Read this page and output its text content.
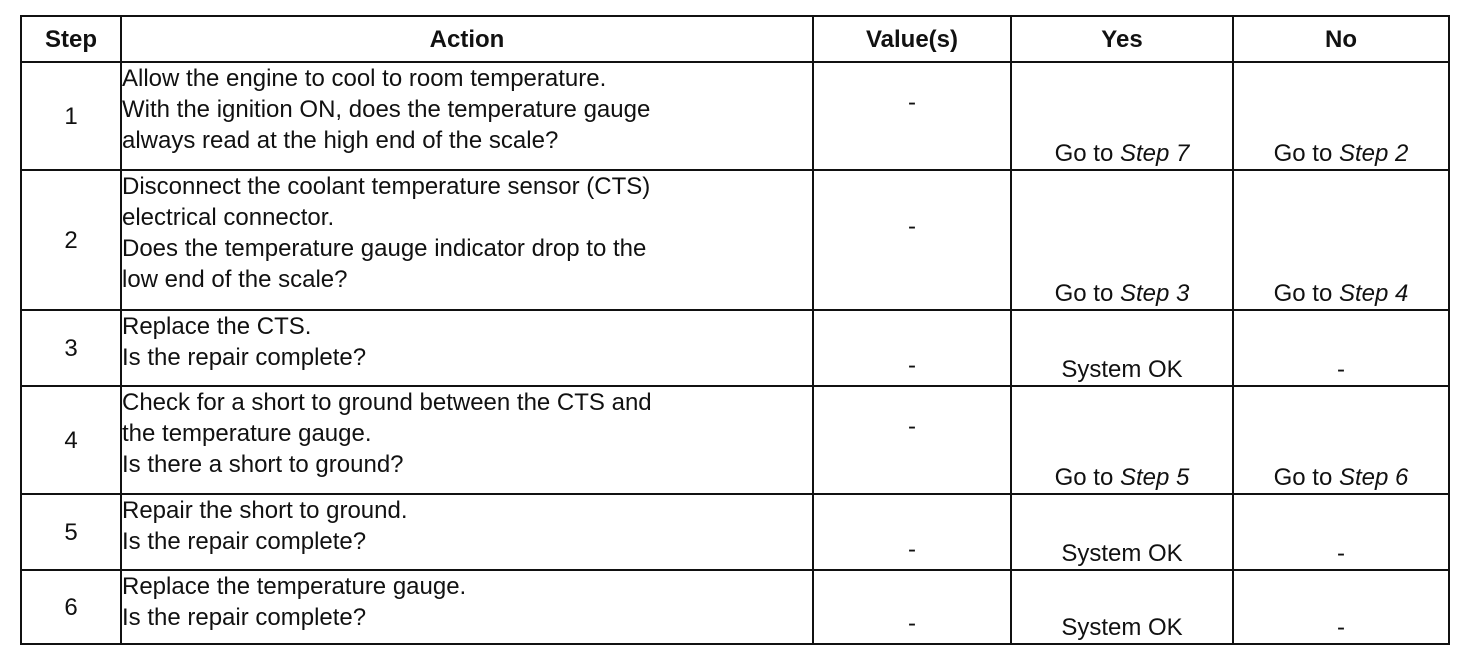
Step	Action	Value(s)	Yes	No
1	Allow the engine to cool to room temperature.
With the ignition ON, does the temperature gauge
always read at the high end of the scale?	-	Go to Step 7	Go to Step 2
2	Disconnect the coolant temperature sensor (CTS)
electrical connector.
Does the temperature gauge indicator drop to the
low end of the scale?	-	Go to Step 3	Go to Step 4
3	Replace the CTS.
Is the repair complete?	-	System OK	-
4	Check for a short to ground between the CTS and
the temperature gauge.
Is there a short to ground?	-	Go to Step 5	Go to Step 6
5	Repair the short to ground.
Is the repair complete?	-	System OK	-
6	Replace the temperature gauge.
Is the repair complete?	-	System OK	-
